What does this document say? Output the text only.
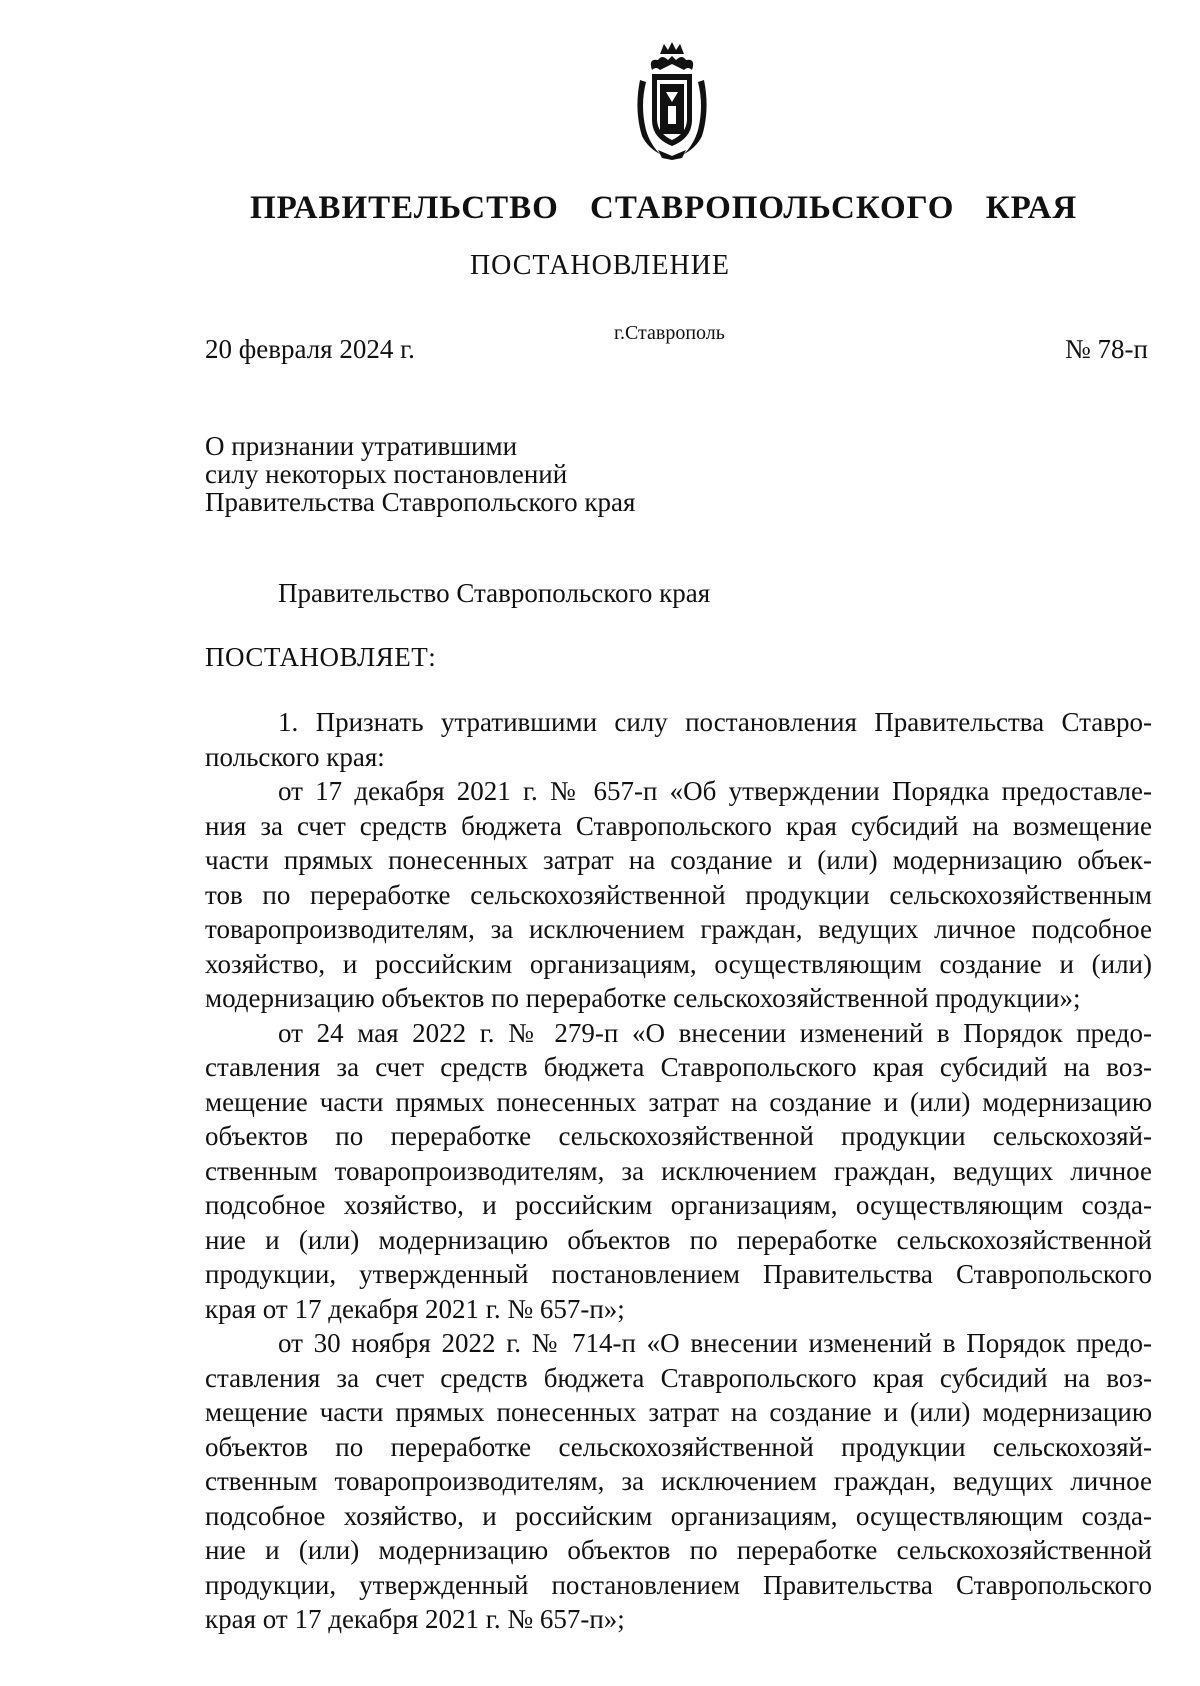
ПРАВИТЕЛЬСТВО СТАВРОПОЛЬСКОГО КРАЯ
ПОСТАНОВЛЕНИЕ
20 февраля 2024 г.
г.Ставрополь
№ 78-п
О признании утратившими
силу некоторых постановлений
Правительства Ставропольского края
Правительство Ставропольского края
ПОСТАНОВЛЯЕТ:
1. Признать утратившими силу постановления Правительства Ставро-
польского края:
от 17 декабря 2021 г. № 657-п «Об утверждении Порядка предоставле-
ния за счет средств бюджета Ставропольского края субсидий на возмещение
части прямых понесенных затрат на создание и (или) модернизацию объек-
тов по переработке сельскохозяйственной продукции сельскохозяйственным
товаропроизводителям, за исключением граждан, ведущих личное подсобное
хозяйство, и российским организациям, осуществляющим создание и (или)
модернизацию объектов по переработке сельскохозяйственной продукции»;
от 24 мая 2022 г. № 279-п «О внесении изменений в Порядок предо-
ставления за счет средств бюджета Ставропольского края субсидий на воз-
мещение части прямых понесенных затрат на создание и (или) модернизацию
объектов по переработке сельскохозяйственной продукции сельскохозяй-
ственным товаропроизводителям, за исключением граждан, ведущих личное
подсобное хозяйство, и российским организациям, осуществляющим созда-
ние и (или) модернизацию объектов по переработке сельскохозяйственной
продукции, утвержденный постановлением Правительства Ставропольского
края от 17 декабря 2021 г. № 657-п»;
от 30 ноября 2022 г. № 714-п «О внесении изменений в Порядок предо-
ставления за счет средств бюджета Ставропольского края субсидий на воз-
мещение части прямых понесенных затрат на создание и (или) модернизацию
объектов по переработке сельскохозяйственной продукции сельскохозяй-
ственным товаропроизводителям, за исключением граждан, ведущих личное
подсобное хозяйство, и российским организациям, осуществляющим созда-
ние и (или) модернизацию объектов по переработке сельскохозяйственной
продукции, утвержденный постановлением Правительства Ставропольского
края от 17 декабря 2021 г. № 657-п»;
